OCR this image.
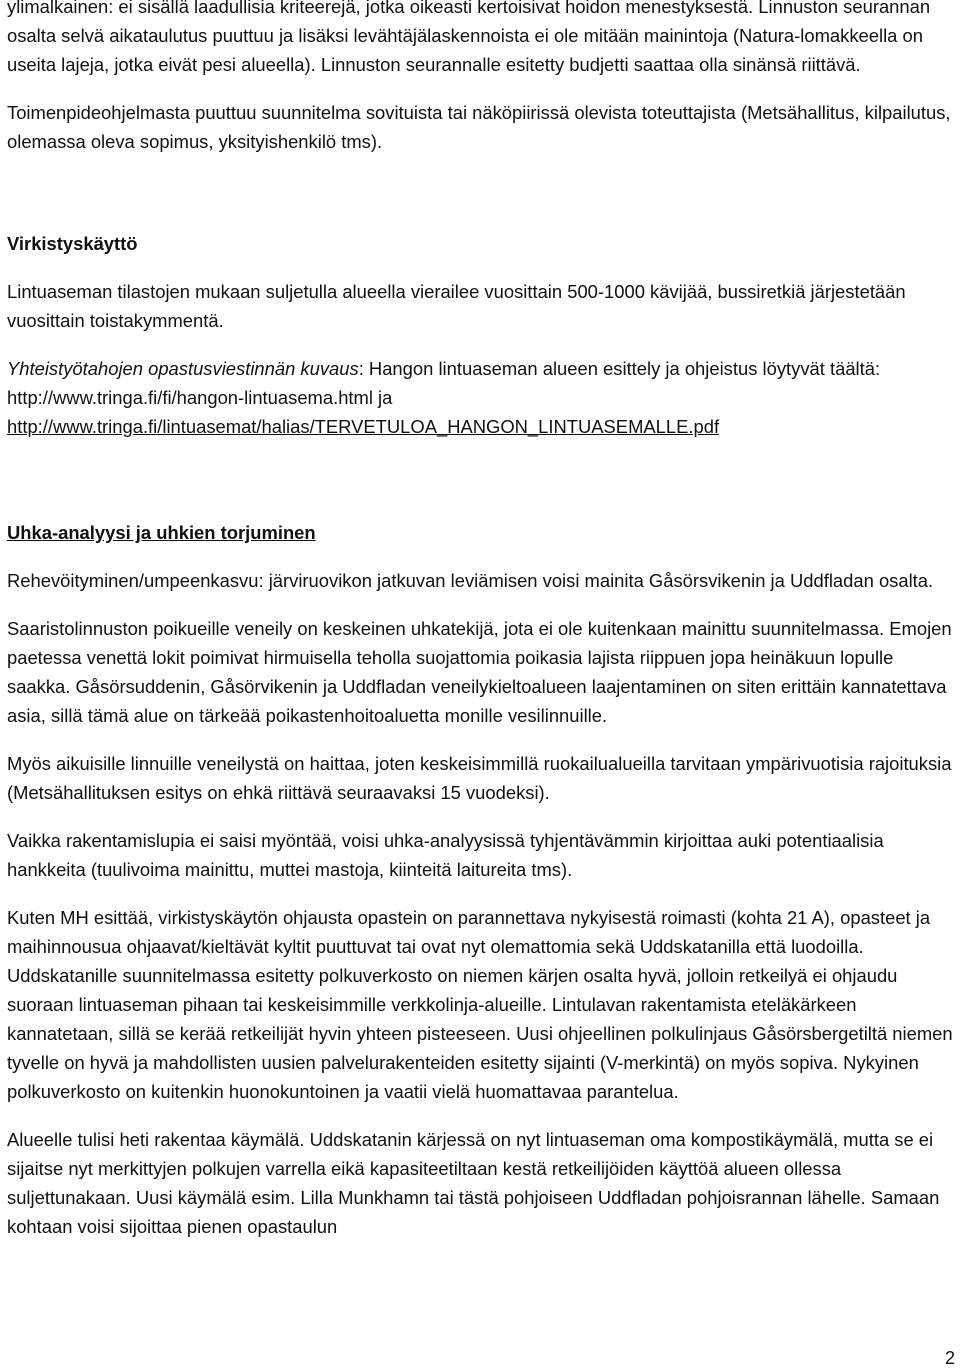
ylimalkainen: ei sisällä laadullisia kriteerejä, jotka oikeasti kertoisivat hoidon menestyksestä. Linnuston seurannan osalta selvä aikataulutus puuttuu ja lisäksi levähtäjälaskennoista ei ole mitään mainintoja (Natura-lomakkeella on useita lajeja, jotka eivät pesi alueella). Linnuston seurannalle esitetty budjetti saattaa olla sinänsä riittävä.

Toimenpideohjelmasta puuttuu suunnitelma sovituista tai näköpiirissä olevista toteuttajista (Metsähallitus, kilpailutus, olemassa oleva sopimus, yksityishenkilö tms).

Virkistyskäyttö

Lintuaseman tilastojen mukaan suljetulla alueella vierailee vuosittain 500-1000 kävijää, bussiretkiä järjestetään vuosittain toistakymmentä.

Yhteistyötahojen opastusviestinnän kuvaus: Hangon lintuaseman alueen esittely ja ohjeistus löytyvät täältä: http://www.tringa.fi/fi/hangon-lintuasema.html ja
http://www.tringa.fi/lintuasemat/halias/TERVETULOA_HANGON_LINTUASEMALLE.pdf

Uhka-analyysi ja uhkien torjuminen

Rehevöityminen/umpeenkasvu: järviruovikon jatkuvan leviämisen voisi mainita Gåsörsvikenin ja Uddfladan osalta.

Saaristolinnuston poikueille veneily on keskeinen uhkatekijä, jota ei ole kuitenkaan mainittu suunnitelmassa. Emojen paetessa venettä lokit poimivat hirmuisella teholla suojattomia poikasia lajista riippuen jopa heinäkuun lopulle saakka. Gåsörsuddenin, Gåsörvikenin ja Uddfladan veneilykieltoalueen laajentaminen on siten erittäin kannatettava asia, sillä tämä alue on tärkeää poikastenhoitoaluetta monille vesilinnuille.

Myös aikuisille linnuille veneilystä on haittaa, joten keskeisimmillä ruokailualueilla tarvitaan ympärivuotisia rajoituksia (Metsähallituksen esitys on ehkä riittävä seuraavaksi 15 vuodeksi).

Vaikka rakentamislupia ei saisi myöntää, voisi uhka-analyysissä tyhjentävämmin kirjoittaa auki potentiaalisia hankkeita (tuulivoima mainittu, muttei mastoja, kiinteitä laitureita tms).

Kuten MH esittää, virkistyskäytön ohjausta opastein on parannettava nykyisestä roimasti (kohta 21 A), opasteet ja maihinnousua ohjaavat/kieltävät kyltit puuttuvat tai ovat nyt olemattomia sekä Uddskatanilla että luodoilla. Uddskatanille suunnitelmassa esitetty polkuverkosto on niemen kärjen osalta hyvä, jolloin retkeilyä ei ohjaudu suoraan lintuaseman pihaan tai keskeisimmille verkkolinja-alueille. Lintulavan rakentamista eteläkärkeen kannatetaan, sillä se kerää retkeilijät hyvin yhteen pisteeseen. Uusi ohjeellinen polkulinjaus Gåsörsbergetiltä niemen tyvelle on hyvä ja mahdollisten uusien palvelurakenteiden esitetty sijainti (V-merkintä) on myös sopiva. Nykyinen polkuverkosto on kuitenkin huonokuntoinen ja vaatii vielä huomattavaa parantelua.

Alueelle tulisi heti rakentaa käymälä. Uddskatanin kärjessä on nyt lintuaseman oma kompostikäymälä, mutta se ei sijaitse nyt merkittyjen polkujen varrella eikä kapasiteetiltaan kestä retkeilijöiden käyttöä alueen ollessa suljettunakaan. Uusi käymälä esim. Lilla Munkhamn tai tästä pohjoiseen Uddfladan pohjoisrannan lähelle. Samaan kohtaan voisi sijoittaa pienen opastaulun

2
